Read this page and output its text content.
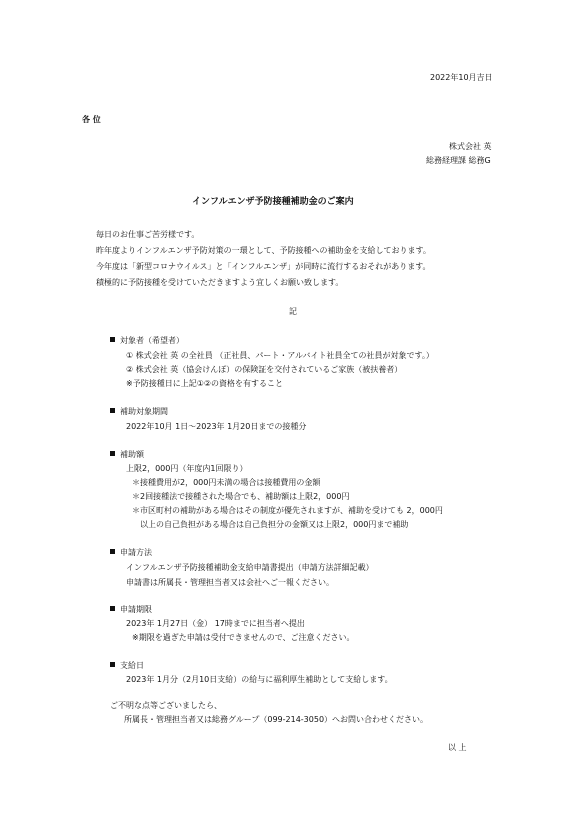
2022年10月吉日
各 位
株式会社 英
総務経理課 総務G
インフルエンザ予防接種補助金のご案内
毎日のお仕事ご苦労様です。
昨年度よりインフルエンザ予防対策の一環として、予防接種への補助金を支給しております。
今年度は「新型コロナウイルス」と「インフルエンザ」が同時に流行するおそれがあります。
積極的に予防接種を受けていただきますよう宜しくお願い致します。
記
対象者（希望者）
① 株式会社 英 の全社員 （正社員、パート・アルバイト社員全ての社員が対象です。）
② 株式会社 英（協会けんぽ）の保険証を交付されているご家族（被扶養者）
※予防接種日に上記①②の資格を有すること
補助対象期間
2022年10月 1日～2023年 1月20日までの接種分
補助額
上限2，000円（年度内1回限り）
＊接種費用が2，000円未満の場合は接種費用の金額
＊2回接種法で接種された場合でも、補助額は上限2，000円
＊市区町村の補助がある場合はその制度が優先されますが、補助を受けても 2，000円
以上の自己負担がある場合は自己負担分の金額又は上限2，000円まで補助
申請方法
インフルエンザ予防接種補助金支給申請書提出（申請方法詳細記載）
申請書は所属長・管理担当者又は会社へご一報ください。
申請期限
2023年 1月27日（金） 17時までに担当者へ提出
※期限を過ぎた申請は受付できませんので、ご注意ください。
支給日
2023年 1月分（2月10日支給）の給与に福利厚生補助として支給します。
ご不明な点等ございましたら、
所属長・管理担当者又は総務グループ（099-214-3050）へお問い合わせください。
以 上
